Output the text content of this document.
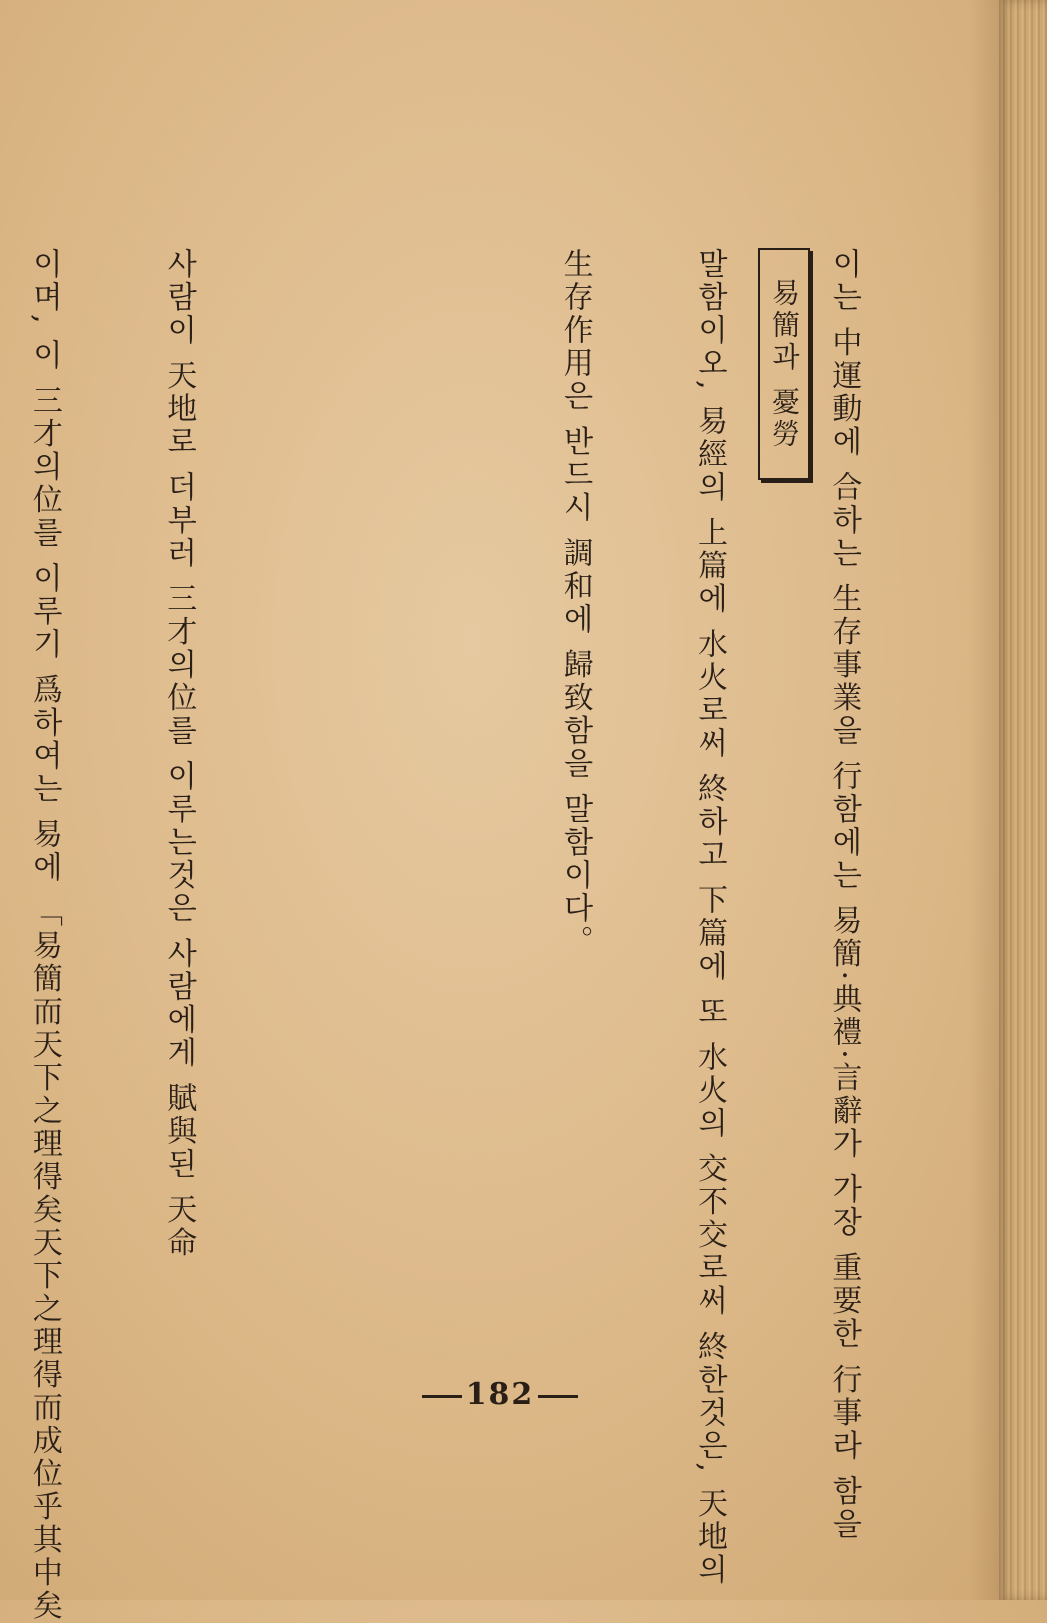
이는 中運動에 合하는 生存事業을 行함에는 易簡·典禮·言辭가 가장 重要한 行事라 함을

말함이오, 易經의 上篇에 水火로써 終하고 下篇에 또 水火의 交不交로써 終한것은, 天地의

生存作用은 반드시 調和에 歸致함을 말함이다。

사람이 天地로 더부러 三才의位를 이루는것은 사람에게 賦與된 天命

이며, 이 三才의位를 이루기 爲하여는 易에 「易簡而天下之理得矣天下之理得而成位乎其中矣

	易簡과 憂勞
182
